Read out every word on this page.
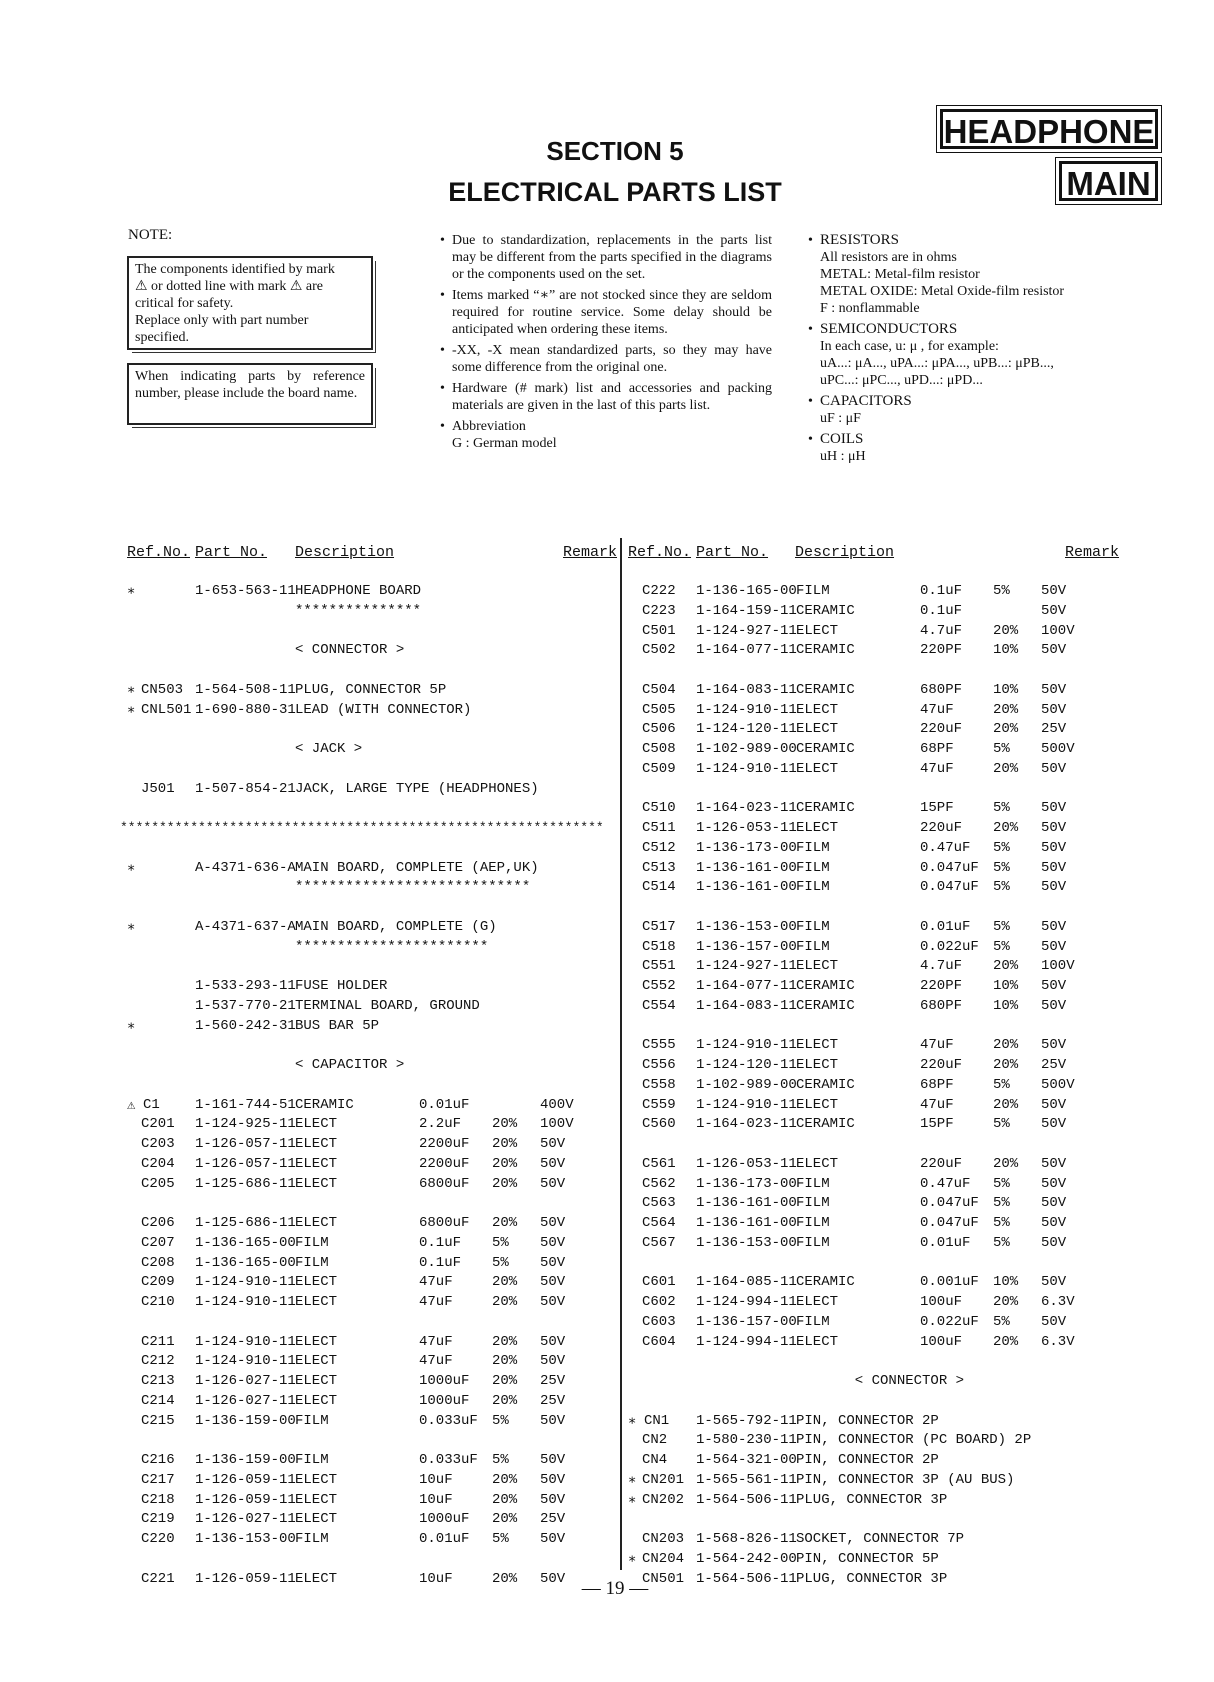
HEADPHONE
MAIN
SECTION 5
ELECTRICAL PARTS LIST
NOTE:
The components identified by mark
⚠ or dotted line with mark ⚠ are
critical for safety.
Replace only with part number
specified.
When indicating parts by reference number, please include the board name.
• Due to standardization, replacements in the parts list may be different from the parts specified in the diagrams or the components used on the set.
• Items marked “∗” are not stocked since they are seldom required for routine service. Some delay should be anticipated when ordering these items.
• -XX, -X mean standardized parts, so they may have some difference from the original one.
• Hardware (# mark) list and accessories and packing materials are given in the last of this parts list.
• Abbreviation
G : German model
• RESISTORS
All resistors are in ohms
METAL: Metal-film resistor
METAL OXIDE: Metal Oxide-film resistor
F : nonflammable
• SEMICONDUCTORS
In each case, u: μ , for example:
uA...: μA..., uPA...: μPA..., uPB...: μPB...,
uPC...: μPC..., uPD...: μPD...
• CAPACITORS
uF : μF
• COILS
uH : μH
Ref.No. Part No. Description	Remark Ref.No. Part No. Description	Remark
∗	1-653-563-11 HEADPHONE BOARD
***************
< CONNECTOR >
∗ CN503 1-564-508-11 PLUG, CONNECTOR 5P
∗ CNL501 1-690-880-31 LEAD (WITH CONNECTOR)
< JACK >
J501 1-507-854-21 JACK, LARGE TYPE (HEADPHONES)
**************************************************************
∗	A-4371-636-A MAIN BOARD, COMPLETE (AEP,UK)
****************************
∗	A-4371-637-A MAIN BOARD, COMPLETE (G)
***********************
1-533-293-11 FUSE HOLDER
1-537-770-21 TERMINAL BOARD, GROUND
∗	1-560-242-31 BUS BAR 5P
< CAPACITOR >
⚠ C1	1-161-744-51 CERAMIC	0.01uF	400V
C201 1-124-925-11 ELECT	2.2uF 20% 100V
C203 1-126-057-11 ELECT	2200uF 20% 50V
C204 1-126-057-11 ELECT	2200uF 20% 50V
C205 1-125-686-11 ELECT	6800uF 20% 50V
C206 1-125-686-11 ELECT	6800uF 20% 50V
C207 1-136-165-00 FILM	0.1uF 5% 50V
C208 1-136-165-00 FILM	0.1uF 5% 50V
C209 1-124-910-11 ELECT	47uF	20% 50V
C210 1-124-910-11 ELECT	47uF	20% 50V
C211 1-124-910-11 ELECT	47uF	20% 50V
C212 1-124-910-11 ELECT	47uF	20% 50V
C213 1-126-027-11 ELECT	1000uF 20% 25V
C214 1-126-027-11 ELECT	1000uF 20% 25V
C215 1-136-159-00 FILM	0.033uF 5% 50V
C216 1-136-159-00 FILM	0.033uF 5% 50V
C217 1-126-059-11 ELECT	10uF	20% 50V
C218 1-126-059-11 ELECT	10uF	20% 50V
C219 1-126-027-11 ELECT	1000uF 20% 25V
C220 1-136-153-00 FILM	0.01uF 5% 50V
C221 1-126-059-11 ELECT	10uF	20% 50V
C222 1-136-165-00 FILM	0.1uF 5% 50V
C223 1-164-159-11 CERAMIC	0.1uF	50V
C501 1-124-927-11 ELECT	4.7uF 20% 100V
C502 1-164-077-11 CERAMIC	220PF 10% 50V
C504 1-164-083-11 CERAMIC	680PF 10% 50V
C505 1-124-910-11 ELECT	47uF	20% 50V
C506 1-124-120-11 ELECT	220uF 20% 25V
C508 1-102-989-00 CERAMIC	68PF	5% 500V
C509 1-124-910-11 ELECT	47uF	20% 50V
C510 1-164-023-11 CERAMIC	15PF	5% 50V
C511 1-126-053-11 ELECT	220uF 20% 50V
C512 1-136-173-00 FILM	0.47uF 5% 50V
C513 1-136-161-00 FILM	0.047uF 5% 50V
C514 1-136-161-00 FILM	0.047uF 5% 50V
C517 1-136-153-00 FILM	0.01uF 5% 50V
C518 1-136-157-00 FILM	0.022uF 5% 50V
C551 1-124-927-11 ELECT	4.7uF 20% 100V
C552 1-164-077-11 CERAMIC	220PF 10% 50V
C554 1-164-083-11 CERAMIC	680PF 10% 50V
C555 1-124-910-11 ELECT	47uF	20% 50V
C556 1-124-120-11 ELECT	220uF 20% 25V
C558 1-102-989-00 CERAMIC	68PF	5% 500V
C559 1-124-910-11 ELECT	47uF	20% 50V
C560 1-164-023-11 CERAMIC	15PF	5% 50V
C561 1-126-053-11 ELECT	220uF 20% 50V
C562 1-136-173-00 FILM	0.47uF 5% 50V
C563 1-136-161-00 FILM	0.047uF 5% 50V
C564 1-136-161-00 FILM	0.047uF 5% 50V
C567 1-136-153-00 FILM	0.01uF 5% 50V
C601 1-164-085-11 CERAMIC	0.001uF 10% 50V
C602 1-124-994-11 ELECT	100uF 20% 6.3V
C603 1-136-157-00 FILM	0.022uF 5% 50V
C604 1-124-994-11 ELECT	100uF 20% 6.3V
< CONNECTOR >
∗ CN1 1-565-792-11 PIN, CONNECTOR 2P
CN2 1-580-230-11 PIN, CONNECTOR (PC BOARD) 2P
CN4 1-564-321-00 PIN, CONNECTOR 2P
∗ CN201 1-565-561-11 PIN, CONNECTOR 3P (AU BUS)
∗ CN202 1-564-506-11 PLUG, CONNECTOR 3P
CN203 1-568-826-11 SOCKET, CONNECTOR 7P
∗ CN204 1-564-242-00 PIN, CONNECTOR 5P
CN501 1-564-506-11 PLUG, CONNECTOR 3P
— 19 —
